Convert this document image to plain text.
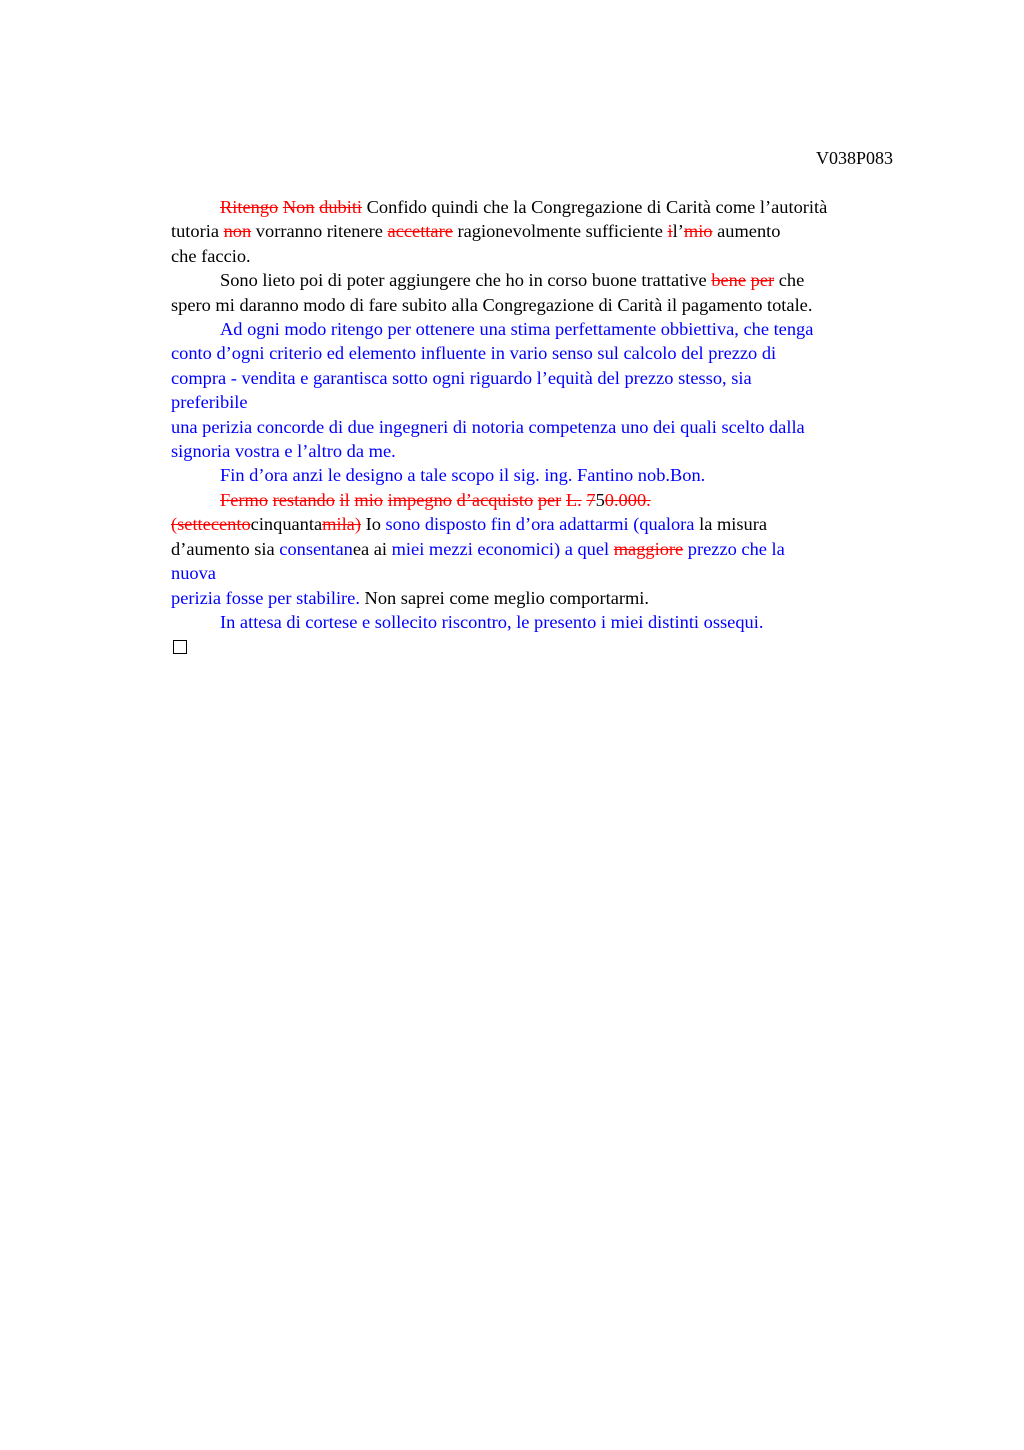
V038P083
Ritengo Non dubiti Confido quindi che la Congregazione di Carità come l’autorità
tutoria non vorranno ritenere accettare ragionevolmente sufficiente il’mio aumento
che faccio.
Sono lieto poi di poter aggiungere che ho in corso buone trattative bene per che
spero mi daranno modo di fare subito alla Congregazione di Carità il pagamento totale.
Ad ogni modo ritengo per ottenere una stima perfettamente obbiettiva, che tenga
conto d’ogni criterio ed elemento influente in vario senso sul calcolo del prezzo di
compra - vendita e garantisca sotto ogni riguardo l’equità del prezzo stesso, sia
preferibile
una perizia concorde di due ingegneri di notoria competenza uno dei quali scelto dalla
signoria vostra e l’altro da me.
Fin d’ora anzi le designo a tale scopo il sig. ing. Fantino nob.Bon.
Fermo restando il mio impegno d’acquisto per L. 750.000.
(settecentocinquantamila) Io sono disposto fin d’ora adattarmi (qualora la misura
d’aumento sia consentanea ai miei mezzi economici) a quel maggiore prezzo che la
nuova
perizia fosse per stabilire. Non saprei come meglio comportarmi.
In attesa di cortese e sollecito riscontro, le presento i miei distinti ossequi.
